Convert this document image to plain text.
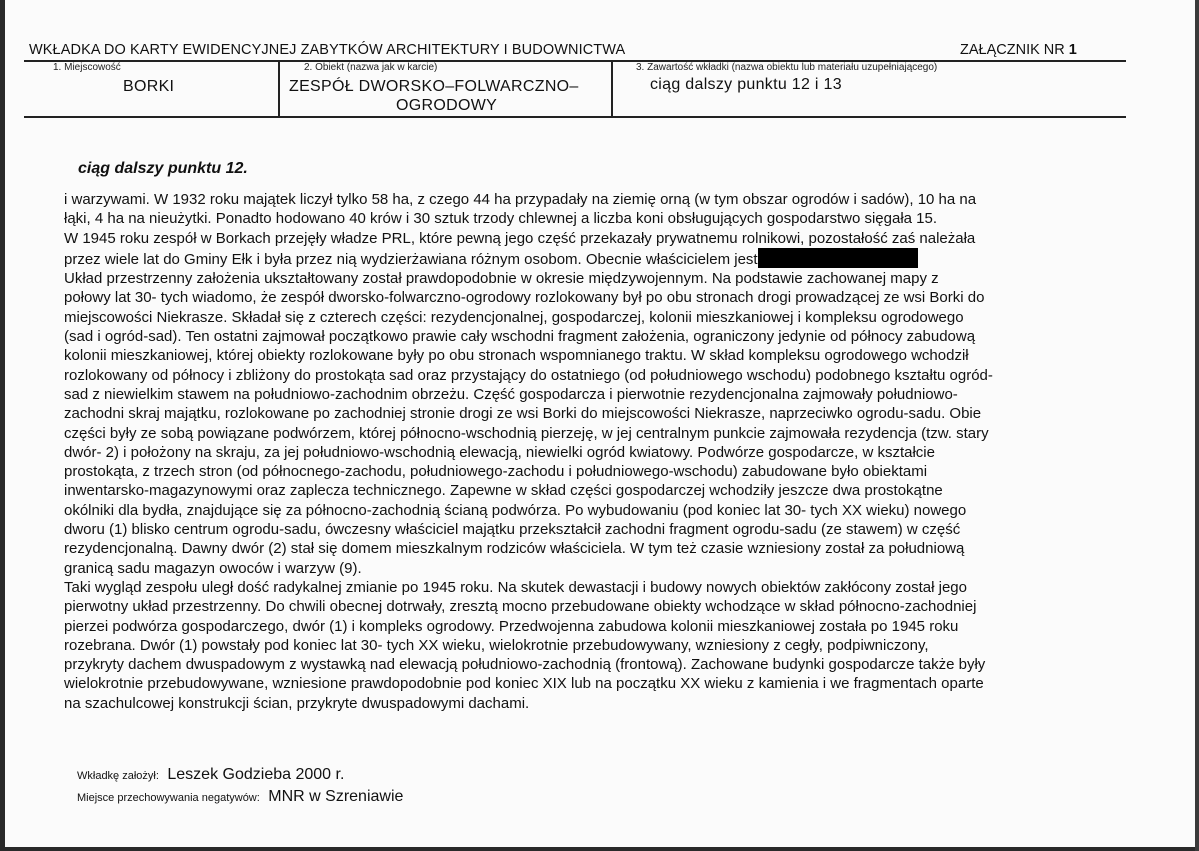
WKŁADKA DO KARTY EWIDENCYJNEJ ZABYTKÓW ARCHITEKTURY I BUDOWNICTWA	ZAŁĄCZNIK NR 1
1. Miejscowość
BORKI
2. Obiekt (nazwa jak w karcie)
ZESPÓŁ DWORSKO–FOLWARCZNO–
OGRODOWY
3. Zawartość wkładki (nazwa obiektu lub materiału uzupełniającego)
ciąg dalszy punktu 12 i 13
ciąg dalszy punktu 12.
i warzywami. W 1932 roku majątek liczył tylko 58 ha, z czego 44 ha przypadały na ziemię orną (w tym obszar ogrodów i sadów), 10 ha na
łąki, 4 ha na nieużytki. Ponadto hodowano 40 krów i 30 sztuk trzody chlewnej a liczba koni obsługujących gospodarstwo sięgała 15.
W 1945 roku zespół w Borkach przejęły władze PRL, które pewną jego część przekazały prywatnemu rolnikowi, pozostałość zaś należała
przez wiele lat do Gminy Ełk i była przez nią wydzierżawiana różnym osobom. Obecnie właścicielem jest
Układ przestrzenny założenia ukształtowany został prawdopodobnie w okresie międzywojennym. Na podstawie zachowanej mapy z
połowy lat 30- tych wiadomo, że zespół dworsko-folwarczno-ogrodowy rozlokowany był po obu stronach drogi prowadzącej ze wsi Borki do
miejscowości Niekrasze. Składał się z czterech części: rezydencjonalnej, gospodarczej, kolonii mieszkaniowej i kompleksu ogrodowego
(sad i ogród-sad). Ten ostatni zajmował początkowo prawie cały wschodni fragment założenia, ograniczony jedynie od północy zabudową
kolonii mieszkaniowej, której obiekty rozlokowane były po obu stronach wspomnianego traktu. W skład kompleksu ogrodowego wchodził
rozlokowany od północy i zbliżony do prostokąta sad oraz przystający do ostatniego (od południowego wschodu) podobnego kształtu ogród-
sad z niewielkim stawem na południowo-zachodnim obrzeżu. Część gospodarcza i pierwotnie rezydencjonalna zajmowały południowo-
zachodni skraj majątku, rozlokowane po zachodniej stronie drogi ze wsi Borki do miejscowości Niekrasze, naprzeciwko ogrodu-sadu. Obie
części były ze sobą powiązane podwórzem, której północno-wschodnią pierzeję, w jej centralnym punkcie zajmowała rezydencja (tzw. stary
dwór- 2) i położony na skraju, za jej południowo-wschodnią elewacją, niewielki ogród kwiatowy. Podwórze gospodarcze, w kształcie
prostokąta, z trzech stron (od północnego-zachodu, południowego-zachodu i południowego-wschodu) zabudowane było obiektami
inwentarsko-magazynowymi oraz zaplecza technicznego. Zapewne w skład części gospodarczej wchodziły jeszcze dwa prostokątne
okólniki dla bydła, znajdujące się za północno-zachodnią ścianą podwórza. Po wybudowaniu (pod koniec lat 30- tych XX wieku) nowego
dworu (1) blisko centrum ogrodu-sadu, ówczesny właściciel majątku przekształcił zachodni fragment ogrodu-sadu (ze stawem) w część
rezydencjonalną. Dawny dwór (2) stał się domem mieszkalnym rodziców właściciela. W tym też czasie wzniesiony został za południową
granicą sadu magazyn owoców i warzyw (9).
Taki wygląd zespołu uległ dość radykalnej zmianie po 1945 roku. Na skutek dewastacji i budowy nowych obiektów zakłócony został jego
pierwotny układ przestrzenny. Do chwili obecnej dotrwały, zresztą mocno przebudowane obiekty wchodzące w skład północno-zachodniej
pierzei podwórza gospodarczego, dwór (1) i kompleks ogrodowy. Przedwojenna zabudowa kolonii mieszkaniowej została po 1945 roku
rozebrana. Dwór (1) powstały pod koniec lat 30- tych XX wieku, wielokrotnie przebudowywany, wzniesiony z cegły, podpiwniczony,
przykryty dachem dwuspadowym z wystawką nad elewacją południowo-zachodnią (frontową). Zachowane budynki gospodarcze także były
wielokrotnie przebudowywane, wzniesione prawdopodobnie pod koniec XIX lub na początku XX wieku z kamienia i we fragmentach oparte
na szachulcowej konstrukcji ścian, przykryte dwuspadowymi dachami.
Wkładkę założył: Leszek Godzieba 2000 r.
Miejsce przechowywania negatywów: MNR w Szreniawie
